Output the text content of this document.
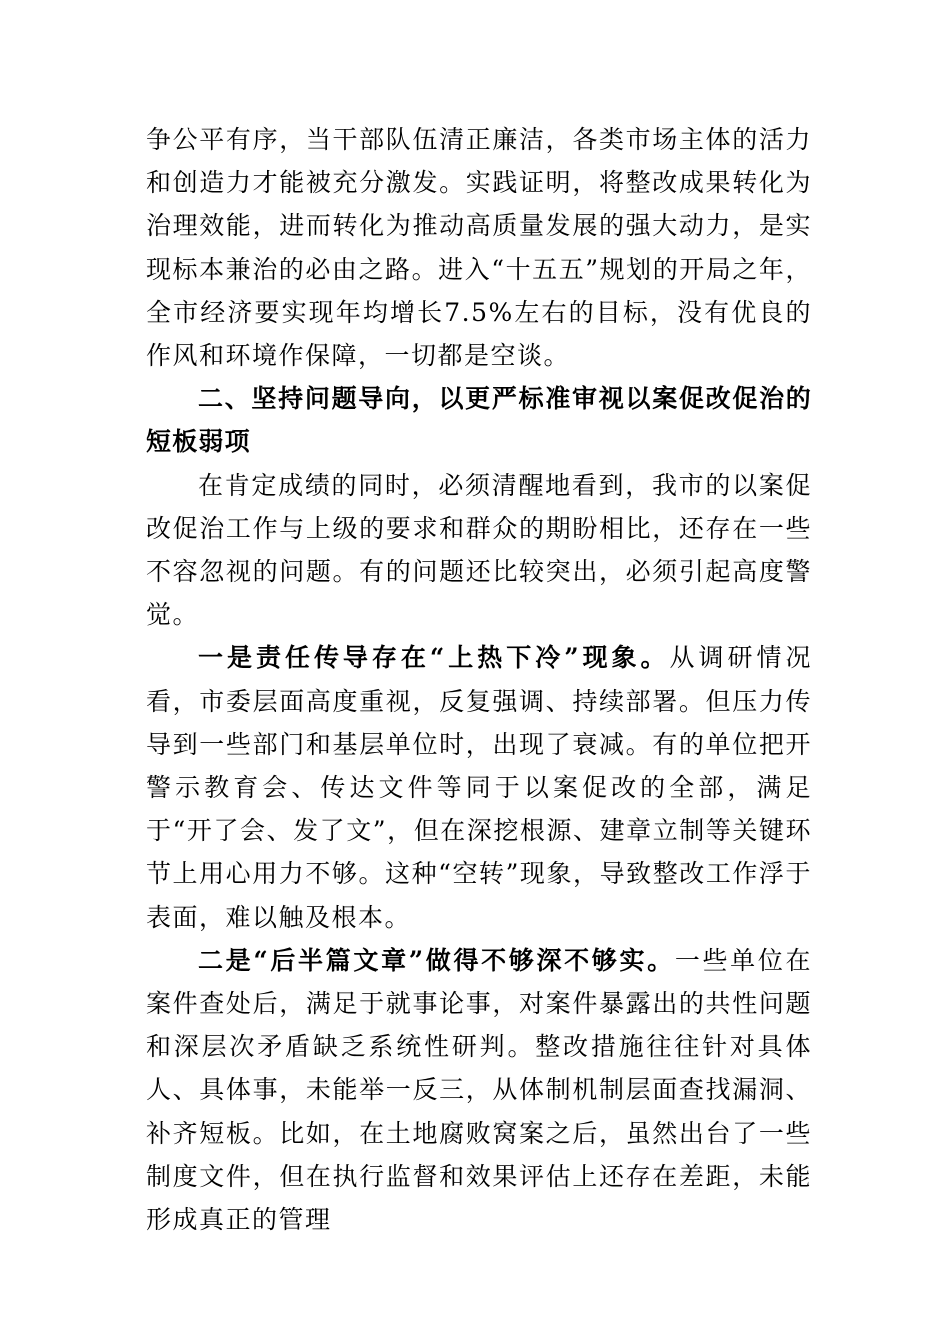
争公平有序，当干部队伍清正廉洁，各类市场主体的活力和创造力才能被充分激发。实践证明，将整改成果转化为治理效能，进而转化为推动高质量发展的强大动力，是实现标本兼治的必由之路。进入“十五五”规划的开局之年，全市经济要实现年均增长7.5%左右的目标，没有优良的作风和环境作保障，一切都是空谈。

二、坚持问题导向，以更严标准审视以案促改促治的短板弱项

在肯定成绩的同时，必须清醒地看到，我市的以案促改促治工作与上级的要求和群众的期盼相比，还存在一些不容忽视的问题。有的问题还比较突出，必须引起高度警觉。

一是责任传导存在“上热下冷”现象。从调研情况看，市委层面高度重视，反复强调、持续部署。但压力传导到一些部门和基层单位时，出现了衰减。有的单位把开警示教育会、传达文件等同于以案促改的全部，满足于“开了会、发了文”，但在深挖根源、建章立制等关键环节上用心用力不够。这种“空转”现象，导致整改工作浮于表面，难以触及根本。

二是“后半篇文章”做得不够深不够实。一些单位在案件查处后，满足于就事论事，对案件暴露出的共性问题和深层次矛盾缺乏系统性研判。整改措施往往针对具体人、具体事，未能举一反三，从体制机制层面查找漏洞、补齐短板。比如，在土地腐败窝案之后，虽然出台了一些制度文件，但在执行监督和效果评估上还存在差距，未能形成真正的管理
